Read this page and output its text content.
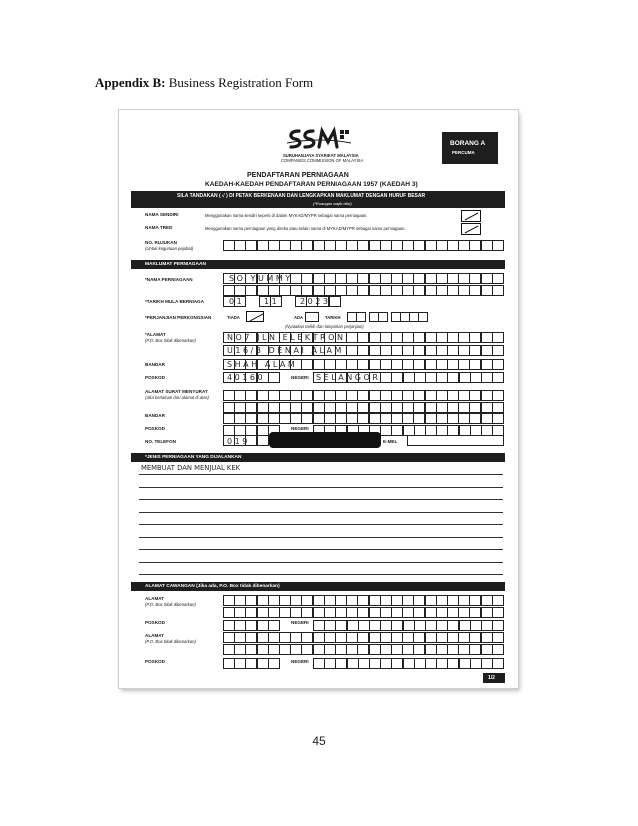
Appendix B: Business Registration Form
SURUHANJAYA SYARIKAT MALAYSIA
COMPANIES COMMISSION OF MALAYSIA
BORANG A
PERCUMA
PENDAFTARAN PERNIAGAAN
KAEDAH-KAEDAH PENDAFTARAN PERNIAGAAN 1957 (KAEDAH 3)
SILA TANDAKAN ( √ ) DI PETAK BERKENAAN DAN LENGKAPKAN MAKLUMAT DENGAN HURUF BESAR
(*Ruangan wajib diisi)
NAMA SENDIRI	Menggunakan nama sendiri seperti di dalam MYKAD/MYPR sebagai nama perniagaan.
NAMA TRED	Menggunakan nama perniagaan yang direka atau selain nama di MYKAD/MYPR sebagai nama perniagaan.
NO. RUJUKAN
(Untuk kegunaan pejabat)
MAKLUMAT PERNIAGAAN
*NAMA PERNIAGAAN	S O   Y U M M Y
*TARIKH MULA BERNIAGA	0 1	1 1	2 0 2 3
*PERJANJIAN PERKONGSIAN	TIADA	ADA	TARIKH
(Nyatakan tarikh dan lampirkan perjanjian)
*ALAMAT
(P.O. Box tidak dibenarkan)	N O 7   J L N   E L E K T R O N
U 1 6 / 3   D E N A I   A L A M
BANDAR	S H A H   A L A M
POSKOD	4 0 1 6 0	NEGERI S E L A N G O R
ALAMAT SURAT MENYURAT
(Jika berlainan dari alamat di atas)
BANDAR
POSKOD	NEGERI
NO. TELEFON	0 1 9	E-MEL
*JENIS PERNIAGAAN YANG DIJALANKAN
MEMBUAT DAN MENJUAL KEK
ALAMAT CAWANGAN (Jika ada, P.O. Box tidak dibenarkan)
ALAMAT
(P.O. Box tidak dibenarkan)
POSKOD	NEGERI
ALAMAT
(P.O. Box tidak dibenarkan)
POSKOD	NEGERI
1/2
45
